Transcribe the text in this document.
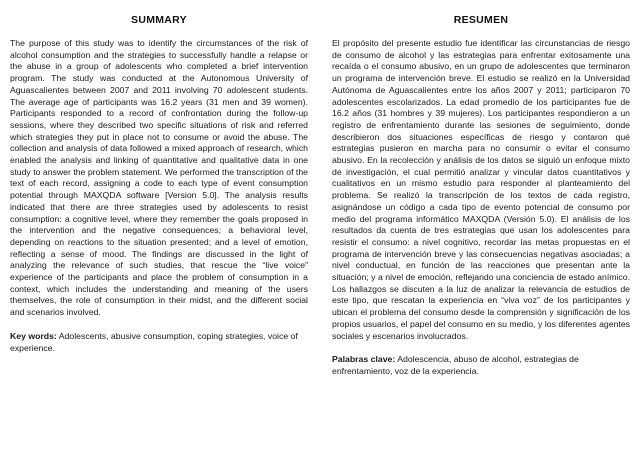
SUMMARY

The purpose of this study was to identify the circumstances of the risk of alcohol consumption and the strategies to successfully handle a relapse or the abuse in a group of adolescents who completed a brief intervention program. The study was conducted at the Autonomous University of Aguascalientes between 2007 and 2011 involving 70 adolescent students. The average age of participants was 16.2 years (31 men and 39 women). Participants responded to a record of confrontation during the follow-up sessions, where they described two specific situations of risk and referred which strategies they put in place not to consume or avoid the abuse. The collection and analysis of data followed a mixed approach of research, which enabled the analysis and linking of quantitative and qualitative data in one study to answer the problem statement. We performed the transcription of the text of each record, assigning a code to each type of event consumption potential through MAXQDA software [Version 5.0]. The analysis results indicated that there are three strategies used by adolescents to resist consumption: a cognitive level, where they remember the goals proposed in the intervention and the negative consequences; a behavioral level, depending on reactions to the situation presented; and a level of emotion, reflecting a sense of mood. The findings are discussed in the light of analyzing the relevance of such studies, that rescue the “live voice” experience of the participants and place the problem of consumption in a context, which includes the understanding and meaning of the users themselves, the role of consumption in their midst, and the different social and scenarios involved.

Key words: Adolescents, abusive consumption, coping strategies, voice of experience.

RESUMEN

El propósito del presente estudio fue identificar las circunstancias de riesgo de consumo de alcohol y las estrategias para enfrentar exitosamente una recaída o el consumo abusivo, en un grupo de adolescentes que terminaron un programa de intervención breve. El estudio se realizó en la Universidad Autónoma de Aguascalientes entre los años 2007 y 2011; participaron 70 adolescentes escolarizados. La edad promedio de los participantes fue de 16.2 años (31 hombres y 39 mujeres). Los participantes respondieron a un registro de enfrentamiento durante las sesiones de seguimiento, donde describieron dos situaciones específicas de riesgo y contaron qué estrategias pusieron en marcha para no consumir o evitar el consumo abusivo. En la recolección y análisis de los datos se siguió un enfoque mixto de investigación, el cual permitió analizar y vincular datos cuantitativos y cualitativos en un mismo estudio para responder al planteamiento del problema. Se realizó la transcripción de los textos de cada registro, asignándose un código a cada tipo de evento potencial de consumo por medio del programa informático MAXQDA (Versión 5.0). El análisis de los resultados da cuenta de tres estrategias que usan los adolescentes para resistir el consumo: a nivel cognitivo, recordar las metas propuestas en el programa de intervención breve y las consecuencias negativas asociadas; a nivel conductual, en función de las reacciones que presentan ante la situación; y a nivel de emoción, reflejando una conciencia de estado anímico. Los hallazgos se discuten a la luz de analizar la relevancia de estudios de este tipo, que rescatan la experiencia en “viva voz” de los participantes y ubican el problema del consumo desde la comprensión y significación de los propios usuarios, el papel del consumo en su medio, y los diferentes agentes sociales y escenarios involucrados.

Palabras clave: Adolescencia, abuso de alcohol, estrategias de enfrentamiento, voz de la experiencia.
